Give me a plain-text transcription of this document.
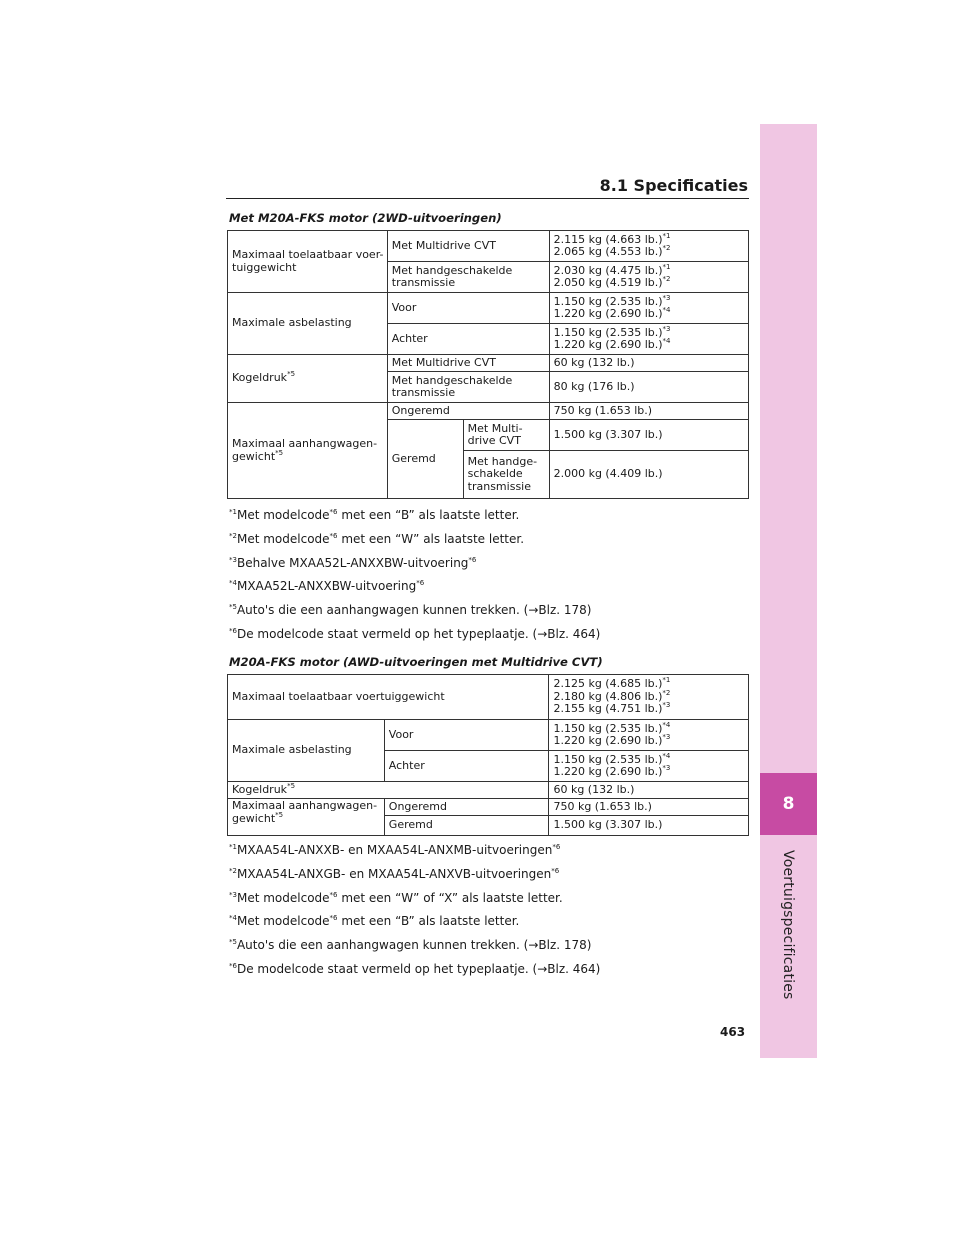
8
Voertuigspecificaties
8.1 Specificaties
Met M20A-FKS motor (2WD-uitvoeringen)
Maximaal toelaatbaar voer-tuiggewicht	Met Multidrive CVT		2.115 kg (4.663 lb.)$^{*1}$
2.065 kg (4.553 lb.)$^{*2}$
	Met handgeschakelde transmissie		2.030 kg (4.475 lb.)$^{*1}$
2.050 kg (4.519 lb.)$^{*2}$
Maximale asbelasting	Voor		1.150 kg (2.535 lb.)$^{*3}$
1.220 kg (2.690 lb.)$^{*4}$
	Achter		1.150 kg (2.535 lb.)$^{*3}$
1.220 kg (2.690 lb.)$^{*4}$
Kogeldruk$^{*5}$	Met Multidrive CVT		60 kg (132 lb.)
	Met handgeschakelde transmissie		80 kg (176 lb.)
Maximaal aanhangwagen-gewicht$^{*5}$	Ongeremd		750 kg (1.653 lb.)
	Geremd	Met Multi-drive CVT	1.500 kg (3.307 lb.)
		Met handge-schakelde transmissie	2.000 kg (4.409 lb.)
$^{*1}$Met modelcode$^{*6}$ met een “B” als laatste letter.
$^{*2}$Met modelcode$^{*6}$ met een “W” als laatste letter.
$^{*3}$Behalve MXAA52L-ANXXBW-uitvoering$^{*6}$
$^{*4}$MXAA52L-ANXXBW-uitvoering$^{*6}$
$^{*5}$Auto's die een aanhangwagen kunnen trekken. (→Blz. 178)
$^{*6}$De modelcode staat vermeld op het typeplaatje. (→Blz. 464)
M20A-FKS motor (AWD-uitvoeringen met Multidrive CVT)
Maximaal toelaatbaar voertuiggewicht		2.125 kg (4.685 lb.)$^{*1}$
2.180 kg (4.806 lb.)$^{*2}$
2.155 kg (4.751 lb.)$^{*3}$
Maximale asbelasting	Voor	1.150 kg (2.535 lb.)$^{*4}$
1.220 kg (2.690 lb.)$^{*3}$
	Achter	1.150 kg (2.535 lb.)$^{*4}$
1.220 kg (2.690 lb.)$^{*3}$
Kogeldruk$^{*5}$		60 kg (132 lb.)
Maximaal aanhangwagen-gewicht$^{*5}$	Ongeremd	750 kg (1.653 lb.)
	Geremd	1.500 kg (3.307 lb.)
$^{*1}$MXAA54L-ANXXB- en MXAA54L-ANXMB-uitvoeringen$^{*6}$
$^{*2}$MXAA54L-ANXGB- en MXAA54L-ANXVB-uitvoeringen$^{*6}$
$^{*3}$Met modelcode$^{*6}$ met een “W” of “X” als laatste letter.
$^{*4}$Met modelcode$^{*6}$ met een “B” als laatste letter.
$^{*5}$Auto's die een aanhangwagen kunnen trekken. (→Blz. 178)
$^{*6}$De modelcode staat vermeld op het typeplaatje. (→Blz. 464)
463
